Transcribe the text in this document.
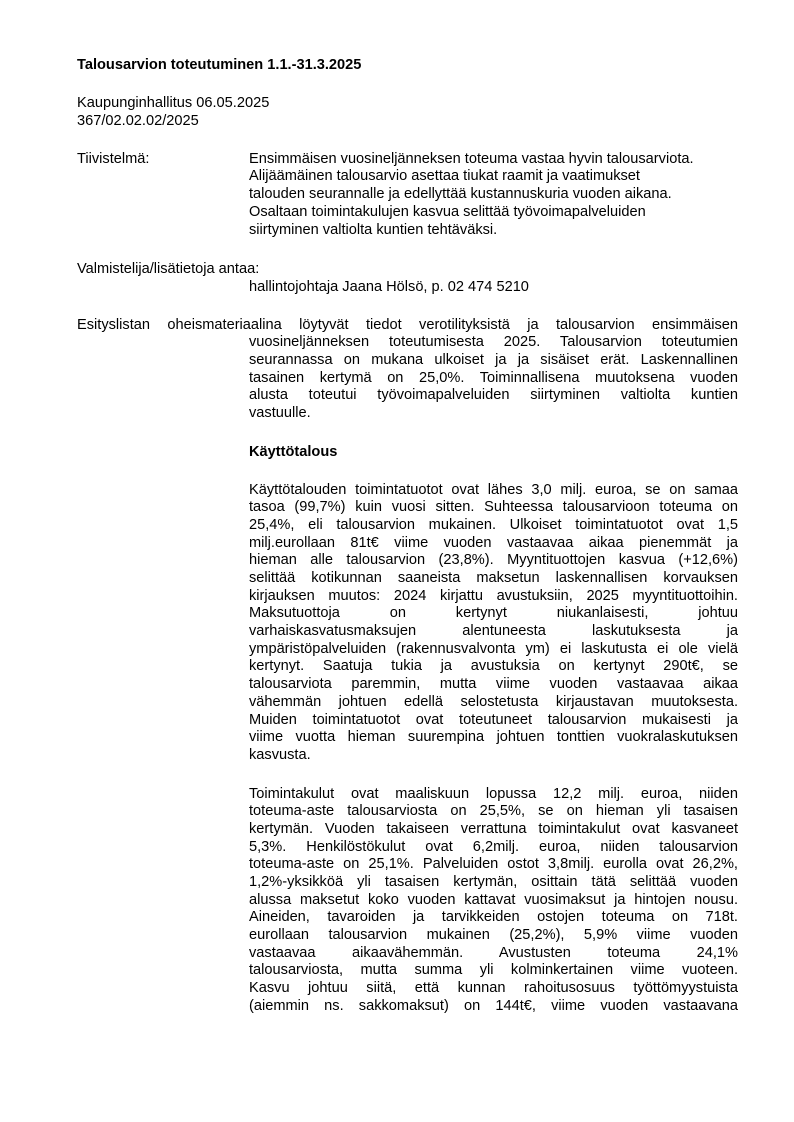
Talousarvion toteutuminen 1.1.-31.3.2025
Kaupunginhallitus 06.05.2025
367/02.02.02/2025
Tiivistelmä:	Ensimmäisen vuosineljänneksen toteuma vastaa hyvin talousarviota.
Alijäämäinen talousarvio asettaa tiukat raamit ja vaatimukset
talouden seurannalle ja edellyttää kustannuskuria vuoden aikana.
Osaltaan toimintakulujen kasvua selittää työvoimapalveluiden
siirtyminen valtiolta kuntien tehtäväksi.
Valmistelija/lisätietoja antaa:
hallintojohtaja Jaana Hölsö, p. 02 474 5210
Esityslistan oheismateriaalina löytyvät tiedot verotilityksistä ja talousarvion ensimmäisen
vuosineljänneksen toteutumisesta 2025. Talousarvion toteutumien
seurannassa on mukana ulkoiset ja ja sisäiset erät. Laskennallinen
tasainen kertymä on 25,0%. Toiminnallisena muutoksena vuoden
alusta toteutui työvoimapalveluiden siirtyminen valtiolta kuntien
vastuulle.
Käyttötalous
Käyttötalouden toimintatuotot ovat lähes 3,0 milj. euroa, se on samaa
tasoa (99,7%) kuin vuosi sitten. Suhteessa talousarvioon toteuma on
25,4%, eli talousarvion mukainen. Ulkoiset toimintatuotot ovat 1,5
milj.eurollaan 81t€ viime vuoden vastaavaa aikaa pienemmät ja
hieman alle talousarvion (23,8%). Myyntituottojen kasvua (+12,6%)
selittää kotikunnan saaneista maksetun laskennallisen korvauksen
kirjauksen muutos: 2024 kirjattu avustuksiin, 2025 myyntituottoihin.
Maksutuottoja on kertynyt niukanlaisesti, johtuu
varhaiskasvatusmaksujen alentuneesta laskutuksesta ja
ympäristöpalveluiden (rakennusvalvonta ym) ei laskutusta ei ole vielä
kertynyt. Saatuja tukia ja avustuksia on kertynyt 290t€, se
talousarviota paremmin, mutta viime vuoden vastaavaa aikaa
vähemmän johtuen edellä selostetusta kirjaustavan muutoksesta.
Muiden toimintatuotot ovat toteutuneet talousarvion mukaisesti ja
viime vuotta hieman suurempina johtuen tonttien vuokralaskutuksen
kasvusta.
Toimintakulut ovat maaliskuun lopussa 12,2 milj. euroa, niiden
toteuma-aste talousarviosta on 25,5%, se on hieman yli tasaisen
kertymän. Vuoden takaiseen verrattuna toimintakulut ovat kasvaneet
5,3%. Henkilöstökulut ovat 6,2milj. euroa, niiden talousarvion
toteuma-aste on 25,1%. Palveluiden ostot 3,8milj. eurolla ovat 26,2%,
1,2%-yksikköä yli tasaisen kertymän, osittain tätä selittää vuoden
alussa maksetut koko vuoden kattavat vuosimaksut ja hintojen nousu.
Aineiden, tavaroiden ja tarvikkeiden ostojen toteuma on 718t.
eurollaan talousarvion mukainen (25,2%), 5,9% viime vuoden
vastaavaa aikaavähemmän. Avustusten toteuma 24,1%
talousarviosta, mutta summa yli kolminkertainen viime vuoteen.
Kasvu johtuu siitä, että kunnan rahoitusosuus työttömyystuista
(aiemmin ns. sakkomaksut) on 144t€, viime vuoden vastaavana
